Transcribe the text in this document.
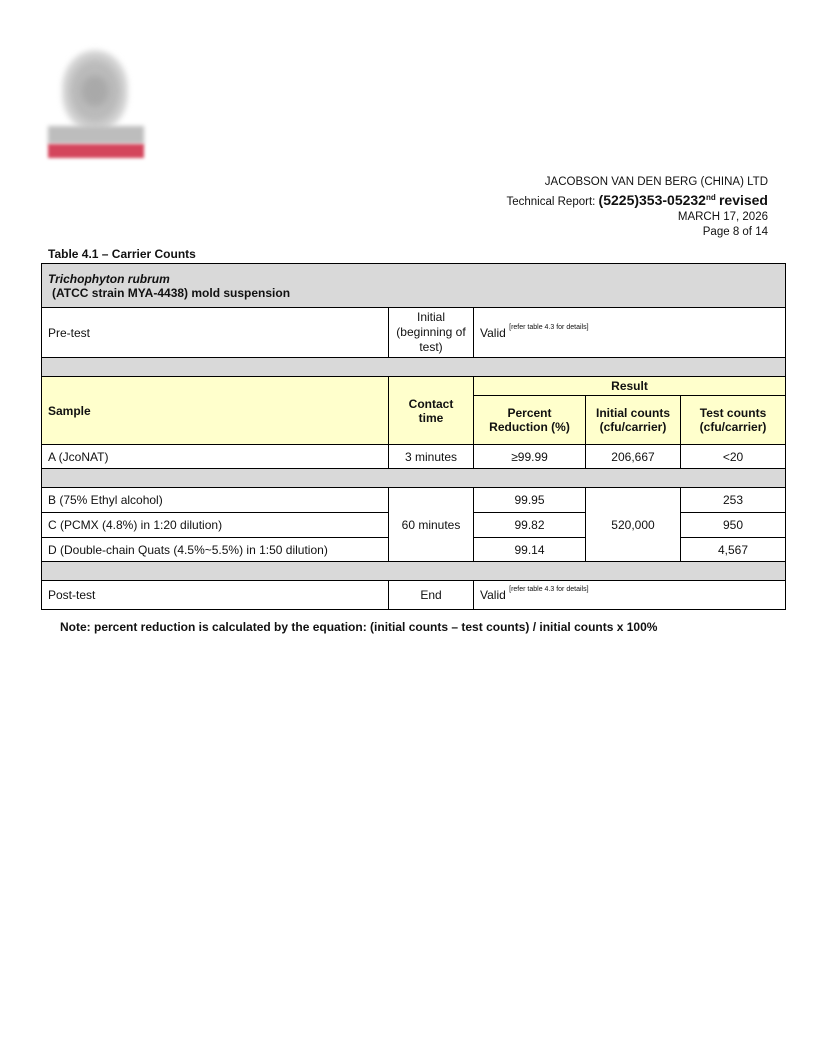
JACOBSON VAN DEN BERG (CHINA) LTD
Technical Report: (5225)353-05232nd revised
MARCH 17, 2026
Page 8 of 14
Table 4.1 – Carrier Counts
Trichophyton rubrum
(ATCC strain MYA-4438) mold suspension				

Pre-test	Initial (beginning of test)	Valid [refer table 4.3 for details]

Sample	Contact time	Result		
		Percent Reduction (%)	Initial counts (cfu/carrier)	Test counts (cfu/carrier)
A (JcoNAT)	3 minutes	≥99.99	206,667	<20

B (75% Ethyl alcohol)	60 minutes	99.95	520,000	253
C (PCMX (4.8%) in 1:20 dilution)		99.82		950
D (Double-chain Quats (4.5%~5.5%) in 1:50 dilution)		99.14		4,567

Post-test	End	Valid [refer table 4.3 for details]
Note: percent reduction is calculated by the equation: (initial counts – test counts) / initial counts x 100%
